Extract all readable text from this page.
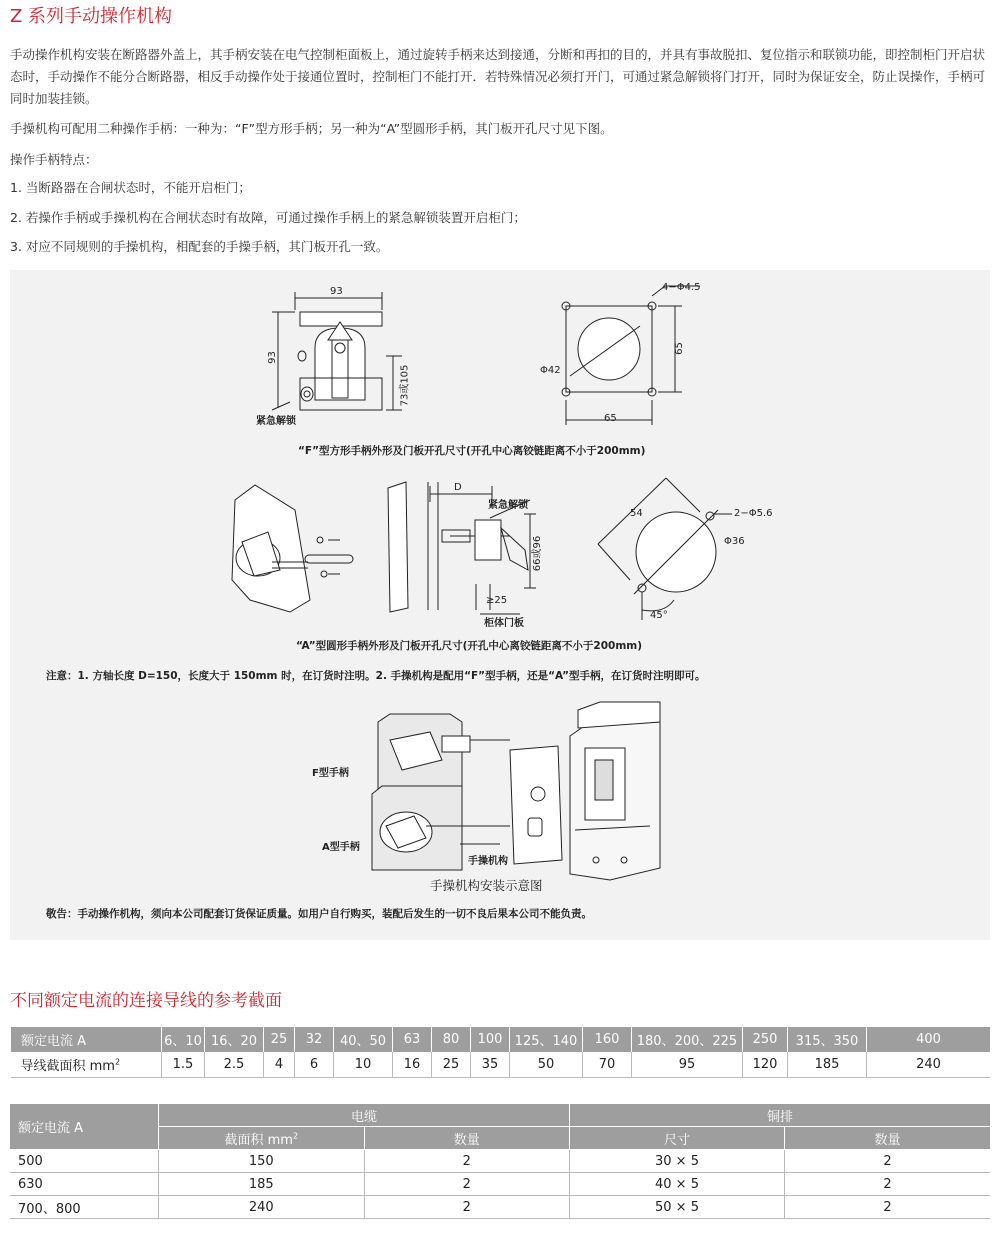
Z 系列手动操作机构

手动操作机构安装在断路器外盖上，其手柄安装在电气控制柜面板上，通过旋转手柄来达到接通，分断和再扣的目的，并具有事故脱扣、复位指示和联锁功能，即控制柜门开启状态时，手动操作不能分合断路器，相反手动操作处于接通位置时，控制柜门不能打开．若特殊情况必须打开门，可通过紧急解锁将门打开，同时为保证安全，防止误操作，手柄可同时加装挂锁。

手操机构可配用二种操作手柄：一种为：“F”型方形手柄；另一种为“A”型圆形手柄，其门板开孔尺寸见下图。

操作手柄特点：

1. 当断路器在合闸状态时，不能开启柜门；

2. 若操作手柄或手操机构在合闸状态时有故障，可通过操作手柄上的紧急解锁装置开启柜门；

3. 对应不同规则的手操机构，相配套的手操手柄，其门板开孔一致。

93
93
73或105
紧急解锁
4−Φ4.5
Φ42
65
65
“F”型方形手柄外形及门板开孔尺寸(开孔中心离铰链距离不小于200mm)
D
紧急解锁
66或96
≥25
柜体门板
54	2−Φ5.6
Φ36
45°
“A”型圆形手柄外形及门板开孔尺寸(开孔中心离铰链距离不小于200mm)
注意：1. 方轴长度 D=150，长度大于 150mm 时，在订货时注明。2. 手操机构是配用“F”型手柄，还是“A”型手柄，在订货时注明即可。
F型手柄
A型手柄
手操机构
手操机构安装示意图
敬告：手动操作机构，须向本公司配套订货保证质量。如用户自行购买，装配后发生的一切不良后果本公司不能负责。
不同额定电流的连接导线的参考截面
额定电流 A	6、10	16、20	25	32	40、50	63	80	100	125、140	160	180、200、225	250	315、350	400
导线截面积 $mm^2$	1.5	2.5	4	6	10	16	25	35	50	70	95	120	185	240
额定电流 A	电缆		铜排	
	截面积 $mm^2$	数量	尺寸	数量
500	150	2	30 × 5	2
630	185	2	40 × 5	2
700、800	240	2	50 × 5	2
